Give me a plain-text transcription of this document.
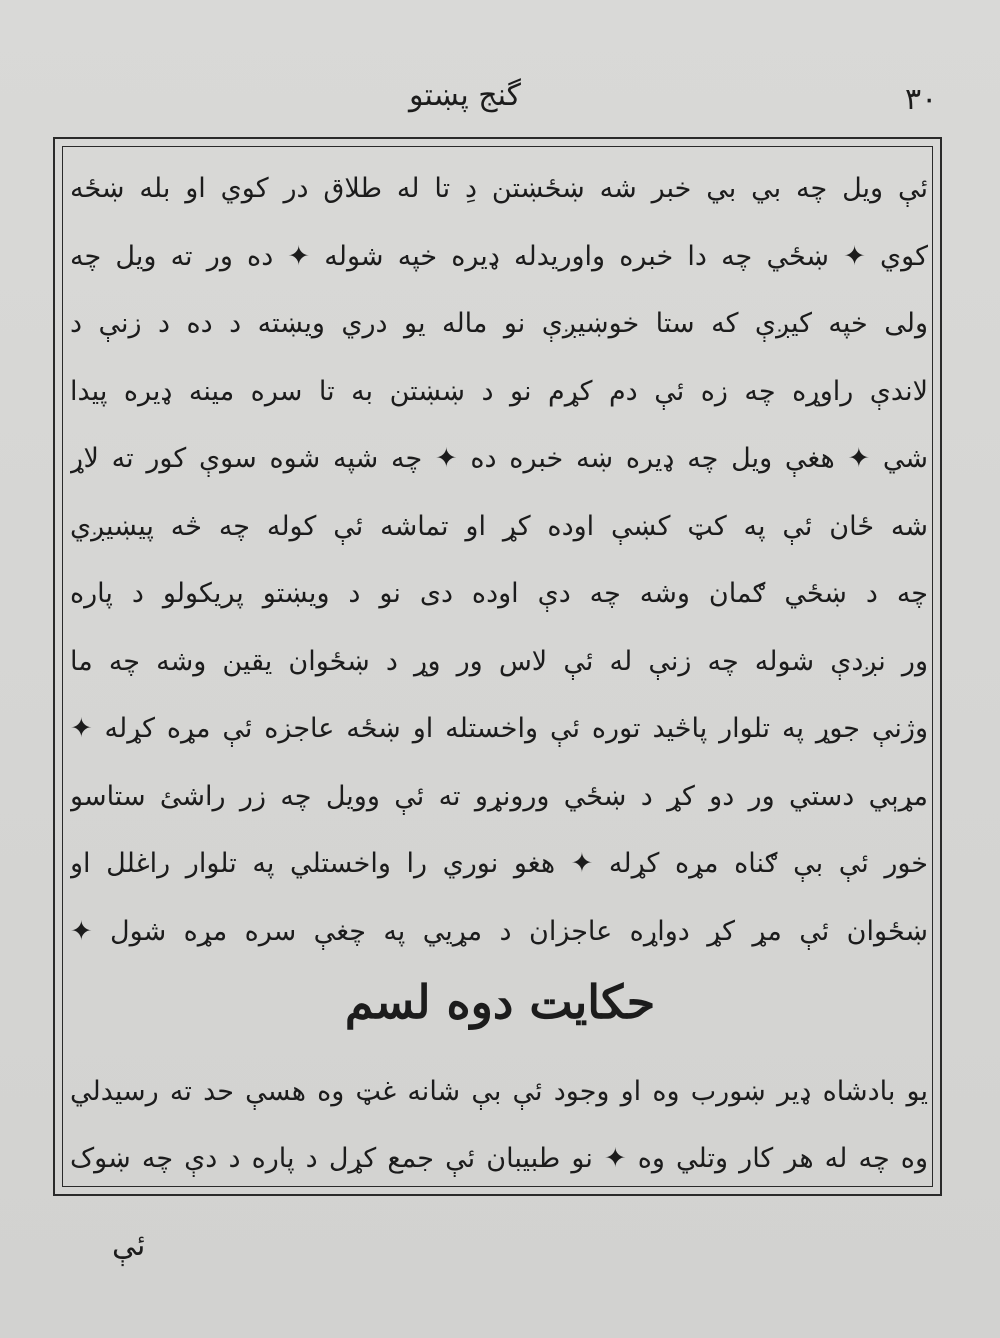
گنج پښتو	۳۰
ئې ویل چه بي بي خبر شه ښځښتن دِ تا له طلاق در کوي او بله ښځه
کوي ✦ ښځي چه دا خبره واوریدله ډیره خپه شوله ✦ ده ور ته ویل چه
ولی خپه کیږې که ستا خوښیږې نو ماله یو دري ویښته د ده د زنې د
لاندې راوړه چه زه ئې دم کړم نو د ښښتن به تا سره مینه ډیره پیدا
شي ✦ هغې ویل چه ډیره ښه خبره ده ✦ چه شپه شوه سوې کور ته لاړ
شه ځان ئې په کټ کښې اوده کړ او تماشه ئې کوله چه څه پیښیږي
چه د ښځي ګمان وشه چه دې اوده دی نو د ویښتو پریکولو د پاره
ور نږدې شوله چه زنې له ئې لاس ور وړ د ښځوان یقین وشه چه ما
وژنې جوړ په تلوار پاڅید توره ئې واخستله او ښځه عاجزه ئې مړه کړله ✦
مړېي دستي ور دو کړ د ښځي ورونړو ته ئې وویل چه زر راشئ ستاسو
خور ئې بې ګناه مړه کړله ✦ هغو نوري را واخستلي په تلوار راغلل او
ښځوان ئې مړ کړ دواړه عاجزان د مړیي په چغې سره مړه شول ✦
حکایت دوه لسم
یو بادشاه ډیر ښورب وه او وجود ئې بې شانه غټ وه هسې حد ته رسیدلي
وه چه له هر کار وتلي وه ✦ نو طبیبان ئې جمع کړل د پاره د دې چه ښوک
ئې
